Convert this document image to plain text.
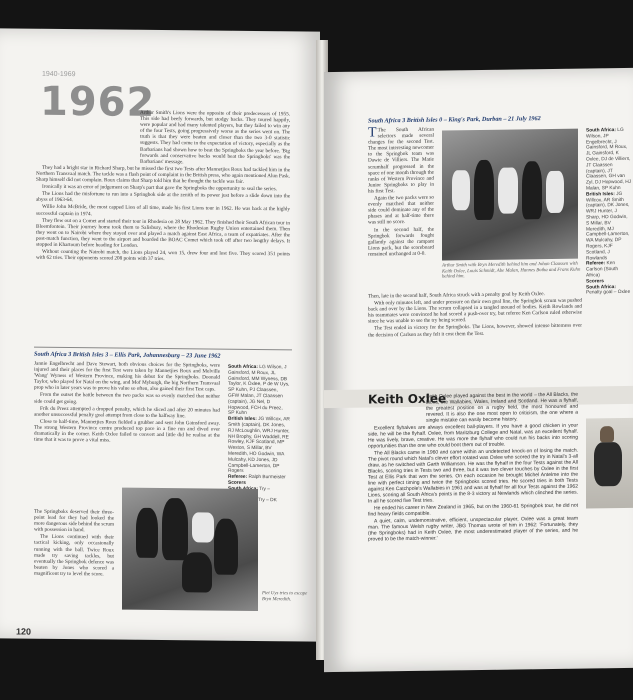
1940-1969
1962

Arthur Smith's Lions were the opposite of their predecessors of 1955. This side had beefy forwards, but stodgy backs. They toured happily, were popular and had many talented players, but they failed to win any of the four Tests, going progressively worse as the series went on. The truth is that they were beaten and closer than the two 3-0 statistic suggests. They had come in the expectation of victory, especially as the Barbarians had shown how to beat the Springboks the year before. 'Big forwards and conservative backs would beat the Springboks' was the Barbarians' message.

They had a bright star in Richard Sharp, but he missed the first two Tests after Mannetjies Roux had tackled him in the Northern Transvaal match. The tackle was a flash point of complaint in the British press, who again mentioned Alun Pask. Sharp himself did not complain. Roux claims that Sharp told him that he thought the tackle was fair.

Ironically it was an error of judgement on Sharp's part that gave the Springboks the opportunity to seal the series.

The Lions had the misfortune to run into a Springbok side at the zenith of its power just before a slide down into the abyss of 1963-64.

Willie John McBride, the most capped Lion of all time, made his first Lions tour in 1962. He was back at the highly successful captain in 1974.

They flew out on a Comet and started their tour in Rhodesia on 28 May 1962. They finished their South African tour in Bloemfontein. Their journey home took them to Salisbury, where the Rhodesian Rugby Union entertained them. Then they went on to Nairobi where they stayed over and played a match against East Africa, a team of expatriates. After the post-match function, they went to the airport and boarded the BOAC Comet which took off after two lengthy delays. It stopped in Khartoum before heading for London.

Without counting the Nairobi match, the Lions played 24, won 15, drew four and lost five. They scored 351 points with 62 tries. Their opponents scored 208 points with 37 tries.

South Africa 3 British Isles 3 – Ellis Park, Johannesburg – 23 June 1962

Jannie Engelbrecht and Dave Stewart, both obvious choices for the Springboks, were injured and their places for the first Test were taken by Mannetjies Roux and Melville 'Wang' Wyness of Western Province, making his debut for the Springboks. Doonald Taylor, who played for Natal on the wing, and Mof Myburgh, the big Northern Transvaal prop who in later years was to prove his value so often, also gained their first Test caps.

From the outset the battle between the two packs was so evenly matched that neither side could get going.

Frik du Preez attempted a dropped penalty, which he sliced and after 20 minutes had another unsuccessful penalty goal attempt from close to the halfway line.

Close to half-time, Mannetjies Roux fielded a grubber and sent John Gainsford away. The strong Western Province centre produced top pace in a fine run and dived over dramatically in the corner. Keith Oxlee failed to convert and little did he realise at the time that it was to prove a vital miss.

The Springboks deserved their three-point lead for they had looked the more dangerous side behind the scrum with possession in hand.

The Lions continued with their tactical kicking, only occasionally running with the ball. Twice Roux made try saving tackles, but eventually the Springbok defence was beaten by Jones who scored a magnificent try to level the score.

South Africa: LG Wilson, J Gainsford, M Roux, JL Gainsford, MM Wyness, DB Taylor, K Oxlee, P de W Uys, SP Kuhn, PJ Claassen, GFW Malan, JT Claassen (captain), JG Nel, D Hopwood, FCH du Preez, SP Kuhn
British Isles: JG Willcox, AR Smith (captain), DK Jones, RJ McLoughlin, WRJ Hunter, NH Brophy, GH Waddell, RE Rowley, KJF Scotland, MP Weston, S Millar, BV Meredith, HO Godwin, WA Mulcahy, KD Jones, JD Campbell-Lamerton, DP Rogers
Referee: Ralph Burmeister
Scorers
Try –
Try – DK
Piet Uys tries to escape Bryn Meredith.
120
South Africa 3 British Isles 0 – King's Park, Durban – 21 July 1962

T The South African selectors made several changes for the second Test. The most interesting newcomer to the Springbok team was Dawie de Villiers. The Matie scrumhalf progressed in the space of one month through the ranks of Western Province and Junior Springboks to play in his first Test.

Again the two packs were so evenly matched that neither side could dominate any of the phases and at half-time there was still no score.

In the second half, the Springbok forwards fought gallantly against the rampant Lions pack, but the scoreboard remained unchanged at 0-0.

Arthur Smith with Bryn Meredith behind him and Johan Claassen with Keith Oxlee, Louis Schmidt, Abe Malan, Hannes Botha and Frans Kuhn behind him.

Then, late in the second half, South Africa struck with a penalty goal by Keith Oxlee.

With only minutes left, and under pressure on their own goal line, the Springbok scrum was pushed back and over by the Lions. The scrum collapsed in a tangled mound of bodies. Keith Rowlands and his teammates were convinced he had scored a push-over try, but referee Ken Carlson ruled otherwise since he was unable to see the try being scored.

The Test ended in victory for the Springboks. The Lions, however, showed intense bitterness over the decision of Carlson as they felt it cost them the Test.

South Africa: LG Wilson, JP Engelbrecht, J Gainsford, M Roux, JL Gainsford, K Oxlee, DJ de Villiers, JT Claassen (captain), JT Claassen, GH van Zyl, DJ Hopwood, HJ Malan, SP Kuhn
British Isles: JG Willcox, AR Smith (captain), DK Jones, WRJ Hunter, J Sharp, HO Godwin, S Millar, BV Meredith, MJ Campbell-Lamerton, WA Mulcahy, DP Rogers, KJF Scotland, J Rowlands
Referee: Ken Carlson (South Africa)
Scorers
South Africa: Penalty goal – Oxlee
Keith Oxlee

Keith Oxlee played against the best in the world – the All Blacks, the Lions, the Wallabies, Wales, Ireland and Scotland. He was a flyhalf, the greatest position on a rugby field, the most honoured and revered. It is also the one most open to criticism, the one where a single mistake can easily become history.

Excellent flyhalves are always excellent ball-players. If you have a good chicken in your side, he will be the flyhalf. Oxlee, from Maritzburg College and Natal, was an excellent flyhalf. He was lively, brave, creative. He was more the flyhalf who could run his backs into scoring opportunities than the one who could boot them out of trouble.

The All Blacks came in 1960 and came within an undetected knock-on of losing the match. The pivot round which Natal's clever effort rotated was Oxlee who scored the try in Natal's 3-all draw, as he switched with Garth Williamson. He was the flyhalf in the four Tests against the All Blacks, scoring tries in Tests two and three, but it was two clever touches by Oxlee in the first Test at Ellis Park that won the series. On each occasion he brought Michel Antelme into the line with perfect timing and twice the Springboks scored tries. He scored tries in both Tests against Ken Catchpole's Wallabies in 1961 and was at flyhalf for all four Tests against the 1962 Lions, scoring all South Africa's points in the 8-3 victory at Newlands which clinched the series. In all he scored five Test tries.

He ended his career in New Zealand in 1965, but on the 1960-61 Springbok tour, he did not find heavy fields compatible.

A quiet, calm, undemonstrative, efficient, unspectacular player, Oxlee was a great team man. The famous Welsh rugby writer, JBG Thomas wrote of him in 1962: 'Fortunately, they (the Springboks) had in Keith Oxlee, the most underestimated player of the series, and he proved to be the match-winner.'
